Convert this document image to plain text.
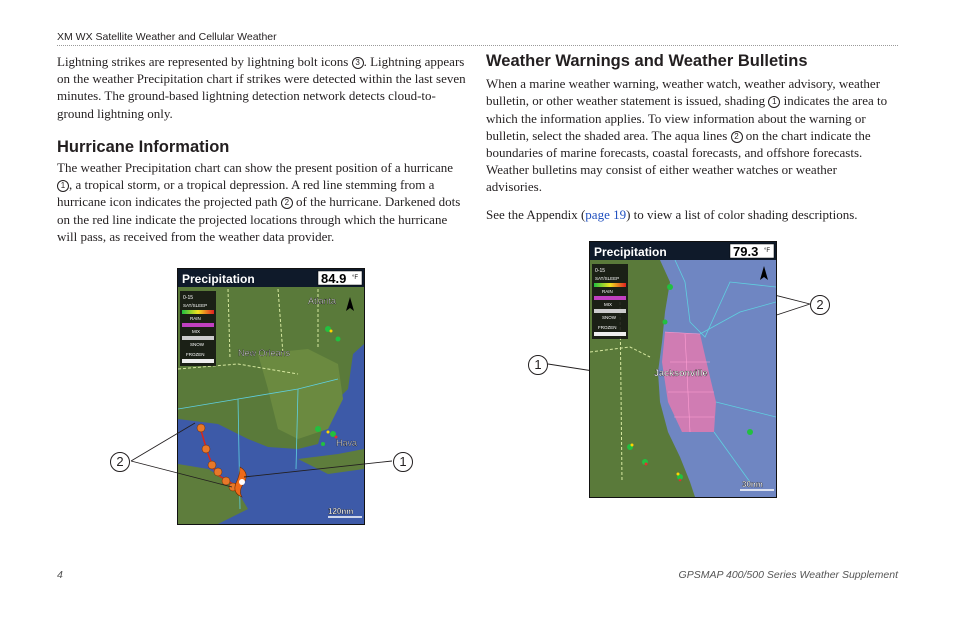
XM WX Satellite Weather and Cellular Weather

Lightning strikes are represented by lightning bolt icons 3 . Lightning appears on the weather Precipitation chart if strikes were detected within the last seven minutes. The ground-based lightning detection network detects cloud-to-ground lightning only.

Hurricane Information

The weather Precipitation chart can show the present position of a hurricane 1 , a tropical storm, or a tropical depression. A red line stemming from a hurricane icon indicates the projected path 2 of the hurricane. Darkened dots on the red line indicate the projected locations through which the hurricane will pass, as received from the weather data provider.

Weather Warnings and Weather Bulletins

When a marine weather warning, weather watch, weather advisory, weather bulletin, or other weather statement is issued, shading 1 indicates the area to which the information applies. To view information about the warning or bulletin, select the shaded area. The aqua lines 2 on the chart indicate the boundaries of marine forecasts, coastal forecasts, and offshore forecasts. Weather bulletins may consist of either weather watches or weather advisories.

See the Appendix (page 19) to view a list of color shading descriptions.

Precipitation	84.9 °F
0-15
SAT/SLEEP
RAIN
MIX
SNOW
FROZEN
Atlanta
New Orleans
Hava
120nm
2	1
Precipitation	79.3 °F
0-15
SAT/SLEEP
RAIN
MIX
SNOW
FROZEN
Jacksonville
30nm
1
2
4	GPSMAP 400/500 Series Weather Supplement
